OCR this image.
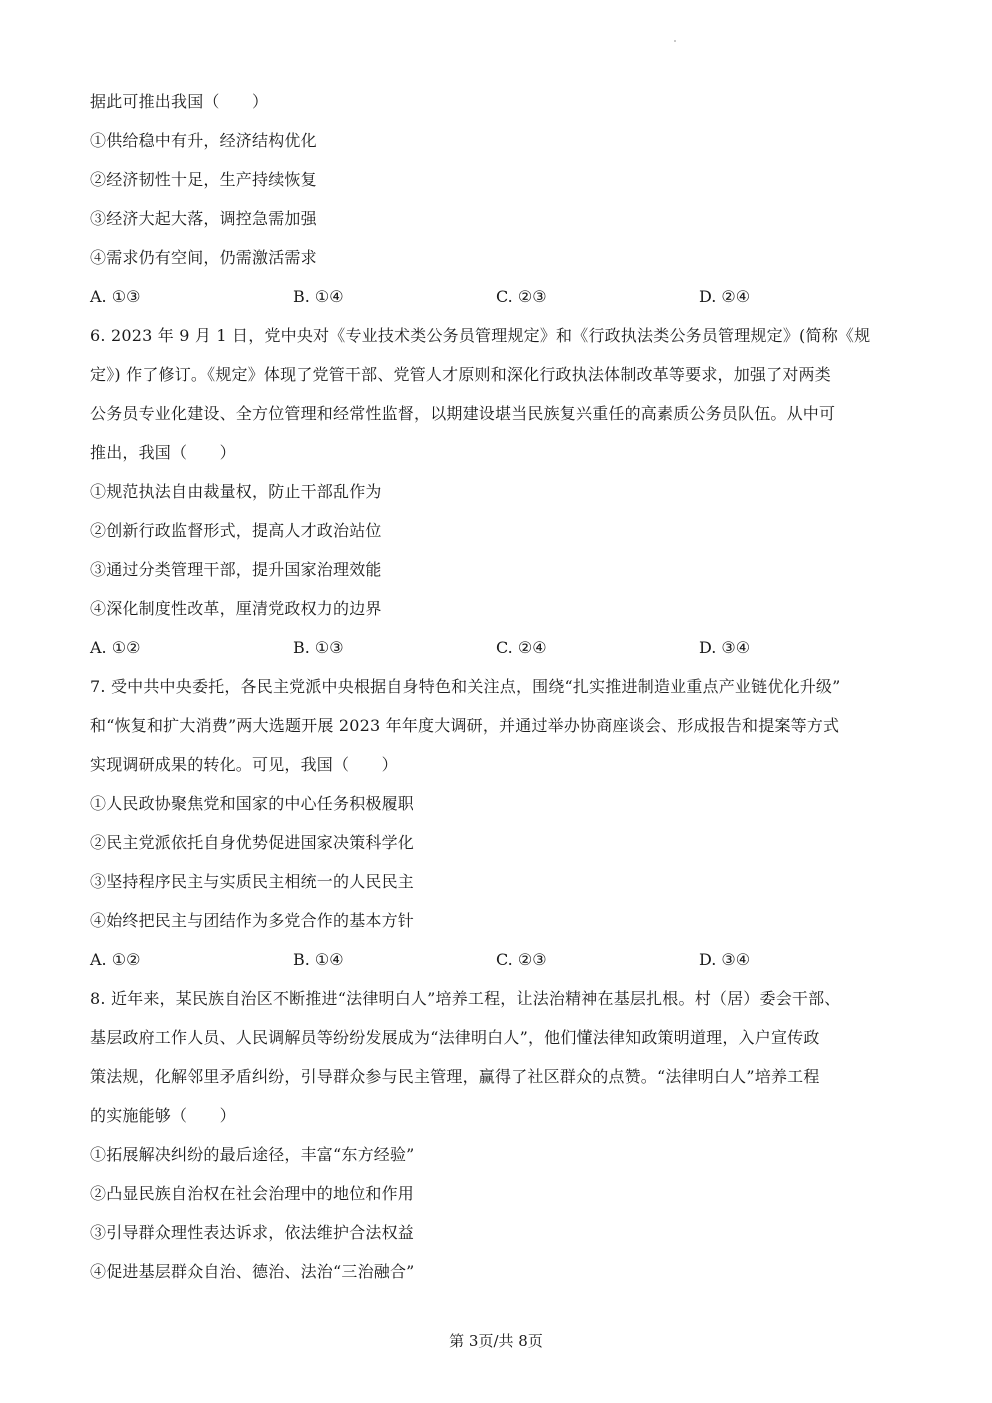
据此可推出我国（　　）
①供给稳中有升，经济结构优化
②经济韧性十足，生产持续恢复
③经济大起大落，调控急需加强
④需求仍有空间，仍需激活需求
A. ①③	B. ①④	C. ②③	D. ②④
6. 2023 年 9 月 1 日，党中央对《专业技术类公务员管理规定》和《行政执法类公务员管理规定》(简称《规
定》) 作了修订。《规定》体现了党管干部、党管人才原则和深化行政执法体制改革等要求，加强了对两类
公务员专业化建设、全方位管理和经常性监督，以期建设堪当民族复兴重任的高素质公务员队伍。从中可
推出，我国（　　）
①规范执法自由裁量权，防止干部乱作为
②创新行政监督形式，提高人才政治站位
③通过分类管理干部，提升国家治理效能
④深化制度性改革，厘清党政权力的边界
A. ①②	B. ①③	C. ②④	D. ③④
7. 受中共中央委托，各民主党派中央根据自身特色和关注点，围绕“扎实推进制造业重点产业链优化升级”
和“恢复和扩大消费”两大选题开展 2023 年年度大调研，并通过举办协商座谈会、形成报告和提案等方式
实现调研成果的转化。可见，我国（　　）
①人民政协聚焦党和国家的中心任务积极履职
②民主党派依托自身优势促进国家决策科学化
③坚持程序民主与实质民主相统一的人民民主
④始终把民主与团结作为多党合作的基本方针
A. ①②	B. ①④	C. ②③	D. ③④
8. 近年来，某民族自治区不断推进“法律明白人”培养工程，让法治精神在基层扎根。村（居）委会干部、
基层政府工作人员、人民调解员等纷纷发展成为“法律明白人”，他们懂法律知政策明道理，入户宣传政
策法规，化解邻里矛盾纠纷，引导群众参与民主管理，赢得了社区群众的点赞。“法律明白人”培养工程
的实施能够（　　）
①拓展解决纠纷的最后途径，丰富“东方经验”
②凸显民族自治权在社会治理中的地位和作用
③引导群众理性表达诉求，依法维护合法权益
④促进基层群众自治、德治、法治“三治融合”
第 3页/共 8页
